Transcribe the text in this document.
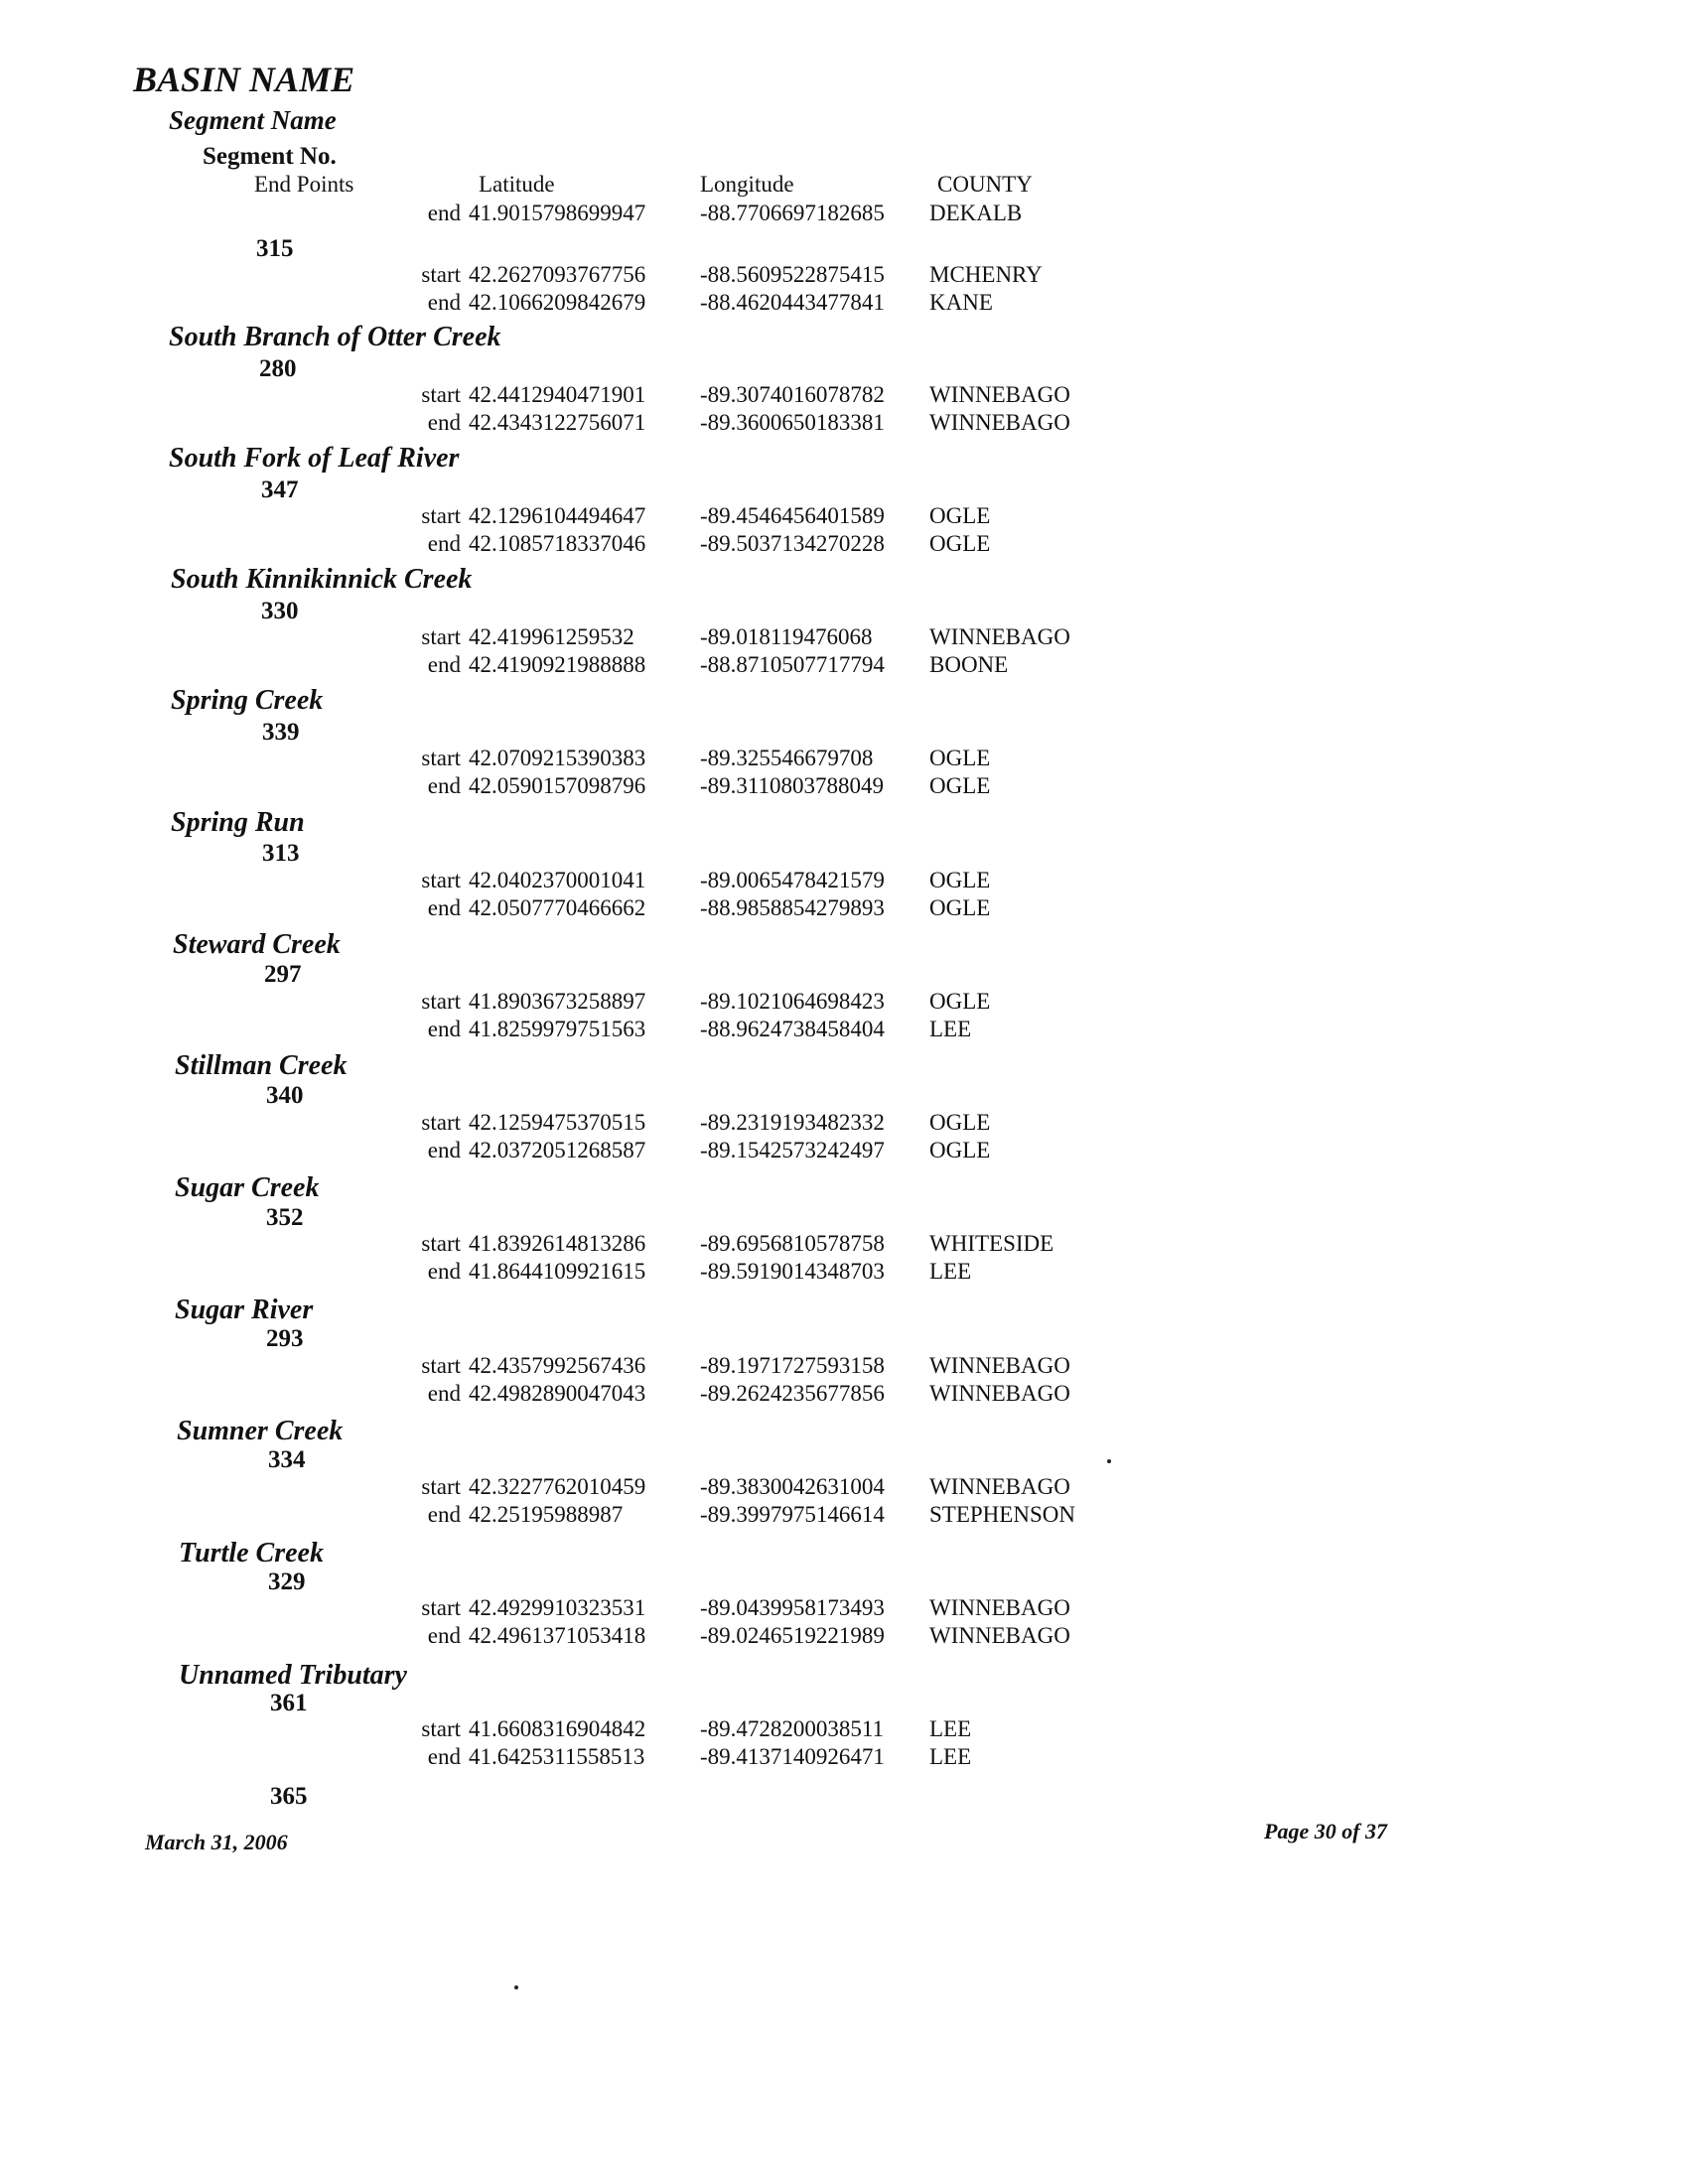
BASIN NAME
Segment Name
Segment No.
End Points	Latitude	Longitude	COUNTY
end 41.9015798699947 -88.7706697182685 DEKALB
315
start 42.2627093767756 -88.5609522875415 MCHENRY
end 42.1066209842679 -88.4620443477841 KANE
South Branch of Otter Creek
280
start 42.4412940471901 -89.3074016078782 WINNEBAGO
end 42.4343122756071 -89.3600650183381 WINNEBAGO
South Fork of Leaf River
347
start 42.1296104494647 -89.4546456401589 OGLE
end 42.1085718337046 -89.5037134270228 OGLE
South Kinnikinnick Creek
330
start 42.419961259532	-89.018119476068 WINNEBAGO
end 42.4190921988888 -88.8710507717794 BOONE
Spring Creek
339
start 42.0709215390383 -89.325546679708 OGLE
end 42.0590157098796 -89.3110803788049 OGLE
Spring Run
313
start 42.0402370001041 -89.0065478421579 OGLE
end 42.0507770466662 -88.9858854279893 OGLE
Steward Creek
297
start 41.8903673258897 -89.1021064698423 OGLE
end 41.8259979751563 -88.9624738458404 LEE
Stillman Creek
340
start 42.1259475370515 -89.2319193482332 OGLE
end 42.0372051268587 -89.1542573242497 OGLE
Sugar Creek
352
start 41.8392614813286 -89.6956810578758 WHITESIDE
end 41.8644109921615 -89.5919014348703 LEE
Sugar River
293
start 42.4357992567436 -89.1971727593158 WINNEBAGO
end 42.4982890047043 -89.2624235677856 WINNEBAGO
Sumner Creek
334
start 42.3227762010459 -89.3830042631004 WINNEBAGO
end 42.25195988987	-89.3997975146614 STEPHENSON
Turtle Creek
329
start 42.4929910323531 -89.0439958173493 WINNEBAGO
end 42.4961371053418 -89.0246519221989 WINNEBAGO
Unnamed Tributary
361
start 41.6608316904842 -89.4728200038511 LEE
end 41.6425311558513 -89.4137140926471 LEE
365
March 31, 2006	Page 30 of 37
